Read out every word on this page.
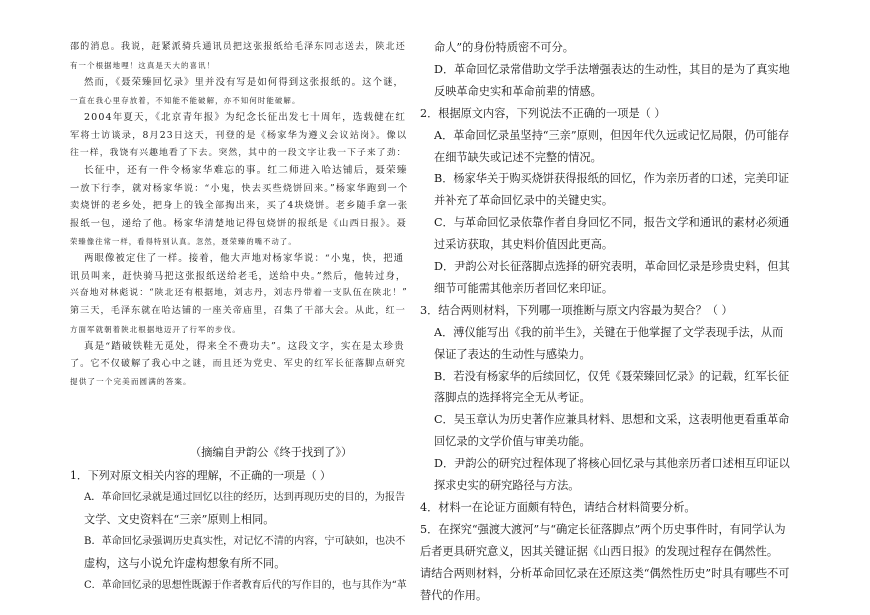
邵的消息。我说，赶紧派骑兵通讯员把这张报纸给毛泽东同志送去，陕北还
有一个根据地哩！这真是天大的喜讯！
然而，《聂荣臻回忆录》里并没有写是如何得到这张报纸的。这个谜，
一直在我心里存放着，不知能不能破解，亦不知何时能破解。
2004年夏天，《北京青年报》为纪念长征出发七十周年，选载健在红
军将士访谈录，8月23日这天，刊登的是《杨家华为遵义会议站岗》。像以
往一样，我饶有兴趣地看了下去。突然，其中的一段文字让我一下子来了劲：
长征中，还有一件令杨家华难忘的事。红二师进入哈达铺后，聂荣臻
一放下行李，就对杨家华说：“小鬼，快去买些烧饼回来。”杨家华跑到一个
卖烧饼的老乡处，把身上的钱全部掏出来，买了4块烧饼。老乡随手拿一张
报纸一包，递给了他。杨家华清楚地记得包烧饼的报纸是《山西日报》。聂
荣臻像往常一样，看得特别认真。忽然，聂荣臻的嘴不动了。
两眼像被定住了一样。接着，他大声地对杨家华说：“小鬼，快，把通
讯员叫来，赶快骑马把这张报纸送给老毛，送给中央。”然后，他转过身，
兴奋地对林彪说：“陕北还有根据地，刘志丹，刘志丹带着一支队伍在陕北！”
第三天，毛泽东就在哈达铺的一座关帝庙里，召集了干部大会。从此，红一
方面军就朝着陕北根据地迈开了行军的步伐。
真是“踏破铁鞋无觅处，得来全不费功夫”。这段文字，实在是太珍贵
了。它不仅破解了我心中之谜，而且还为党史、军史的红军长征落脚点研究
提供了一个完美而圆满的答案。
（摘编自尹韵公《终于找到了》）
1．下列对原文相关内容的理解，不正确的一项是（ ）
A．革命回忆录就是通过回忆以往的经历，达到再现历史的目的，为报告
文学、文史资料在“三亲”原则上相同。
B．革命回忆录强调历史真实性，对记忆不清的内容，宁可缺如，也决不
虚构，这与小说允许虚构想象有所不同。
C．革命回忆录的思想性既源于作者教育后代的写作目的，也与其作为“革
命人”的身份特质密不可分。
D．革命回忆录常借助文学手法增强表达的生动性，其目的是为了真实地
反映革命史实和革命前辈的情感。
2．根据原文内容，下列说法不正确的一项是（ ）
A．革命回忆录虽坚持“三亲”原则，但因年代久远或记忆局限，仍可能存
在细节缺失或记述不完整的情况。
B．杨家华关于购买烧饼获得报纸的回忆，作为亲历者的口述，完美印证
并补充了革命回忆录中的关键史实。
C．与革命回忆录依靠作者自身回忆不同，报告文学和通讯的素材必须通
过采访获取，其史料价值因此更高。
D．尹韵公对长征落脚点选择的研究表明，革命回忆录是珍贵史料，但其
细节可能需其他亲历者回忆来印证。
3．结合两则材料，下列哪一项推断与原文内容最为契合？（ ）
A．溥仪能写出《我的前半生》，关键在于他掌握了文学表现手法，从而
保证了表达的生动性与感染力。
B．若没有杨家华的后续回忆，仅凭《聂荣臻回忆录》的记载，红军长征
落脚点的选择将完全无从考证。
C．吴玉章认为历史著作应兼具材料、思想和文采，这表明他更看重革命
回忆录的文学价值与审美功能。
D．尹韵公的研究过程体现了将核心回忆录与其他亲历者口述相互印证以
探求史实的研究路径与方法。
4．材料一在论证方面颇有特色，请结合材料简要分析。
5．在探究“强渡大渡河”与“确定长征落脚点”两个历史事件时，有同学认为
后者更具研究意义，因其关键证据《山西日报》的发现过程存在偶然性。
请结合两则材料，分析革命回忆录在还原这类“偶然性历史”时具有哪些不可
替代的作用。
